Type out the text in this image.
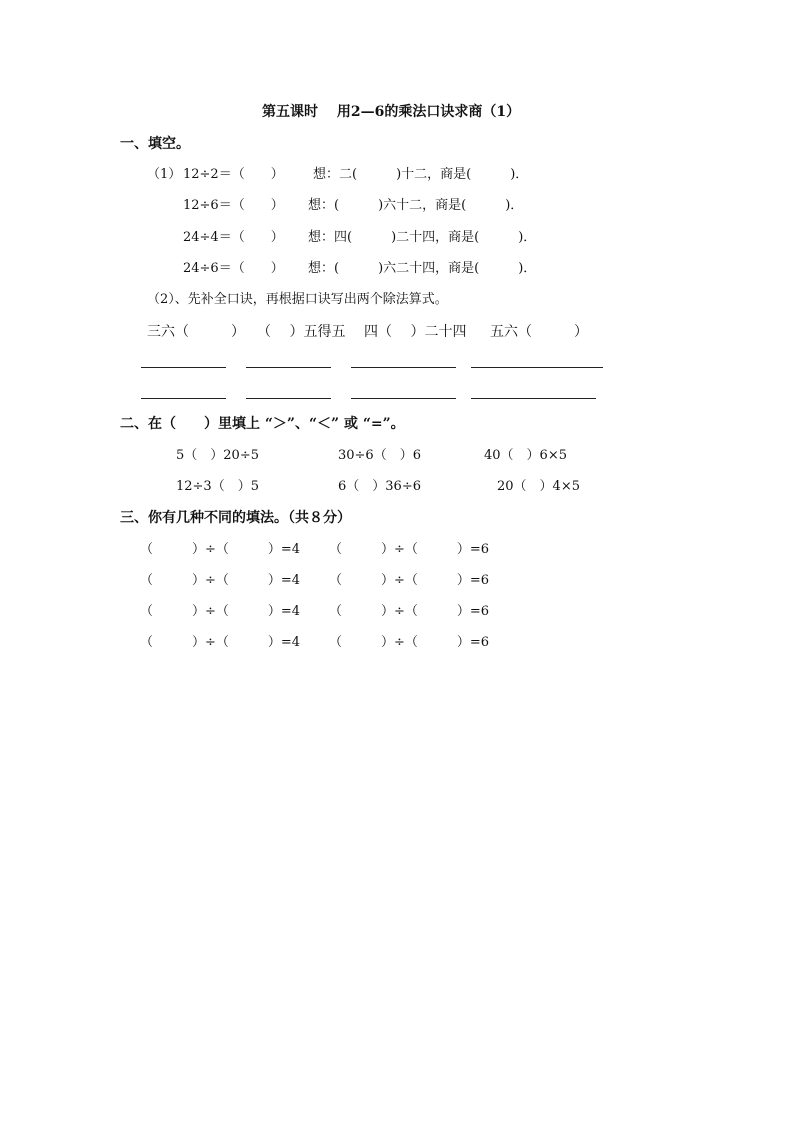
第五课时　 用2—6的乘法口诀求商（1）
一、填空。
（1） 12÷2＝（　　） 想：二(　　　)十二，商是(　　　)．
12÷6＝（　　） 想：(　　　)六十二，商是(　　　)．
24÷4＝（　　） 想：四(　　　)二十四，商是(　　　)．
24÷6＝（　　） 想：(　　　)六二十四，商是(　　　)．
（2）、先补全口诀，再根据口诀写出两个除法算式。
三六（　　　） （　 ）五得五 四（　 ）二十四 五六（　　　）
二、在（　　）里填上 “＞”、“＜” 或 “=”。
5（　）20÷5	30÷6（　）6	40（　）6×5
12÷3（　）5	6（　）36÷6	20（　）4×5
三、你有几种不同的填法。（共８分）
（　　　）÷（　　　）=4 （　　　）÷（　　　）=6
（　　　）÷（　　　）=4 （　　　）÷（　　　）=6
（　　　）÷（　　　）=4 （　　　）÷（　　　）=6
（　　　）÷（　　　）=4 （　　　）÷（　　　）=6
